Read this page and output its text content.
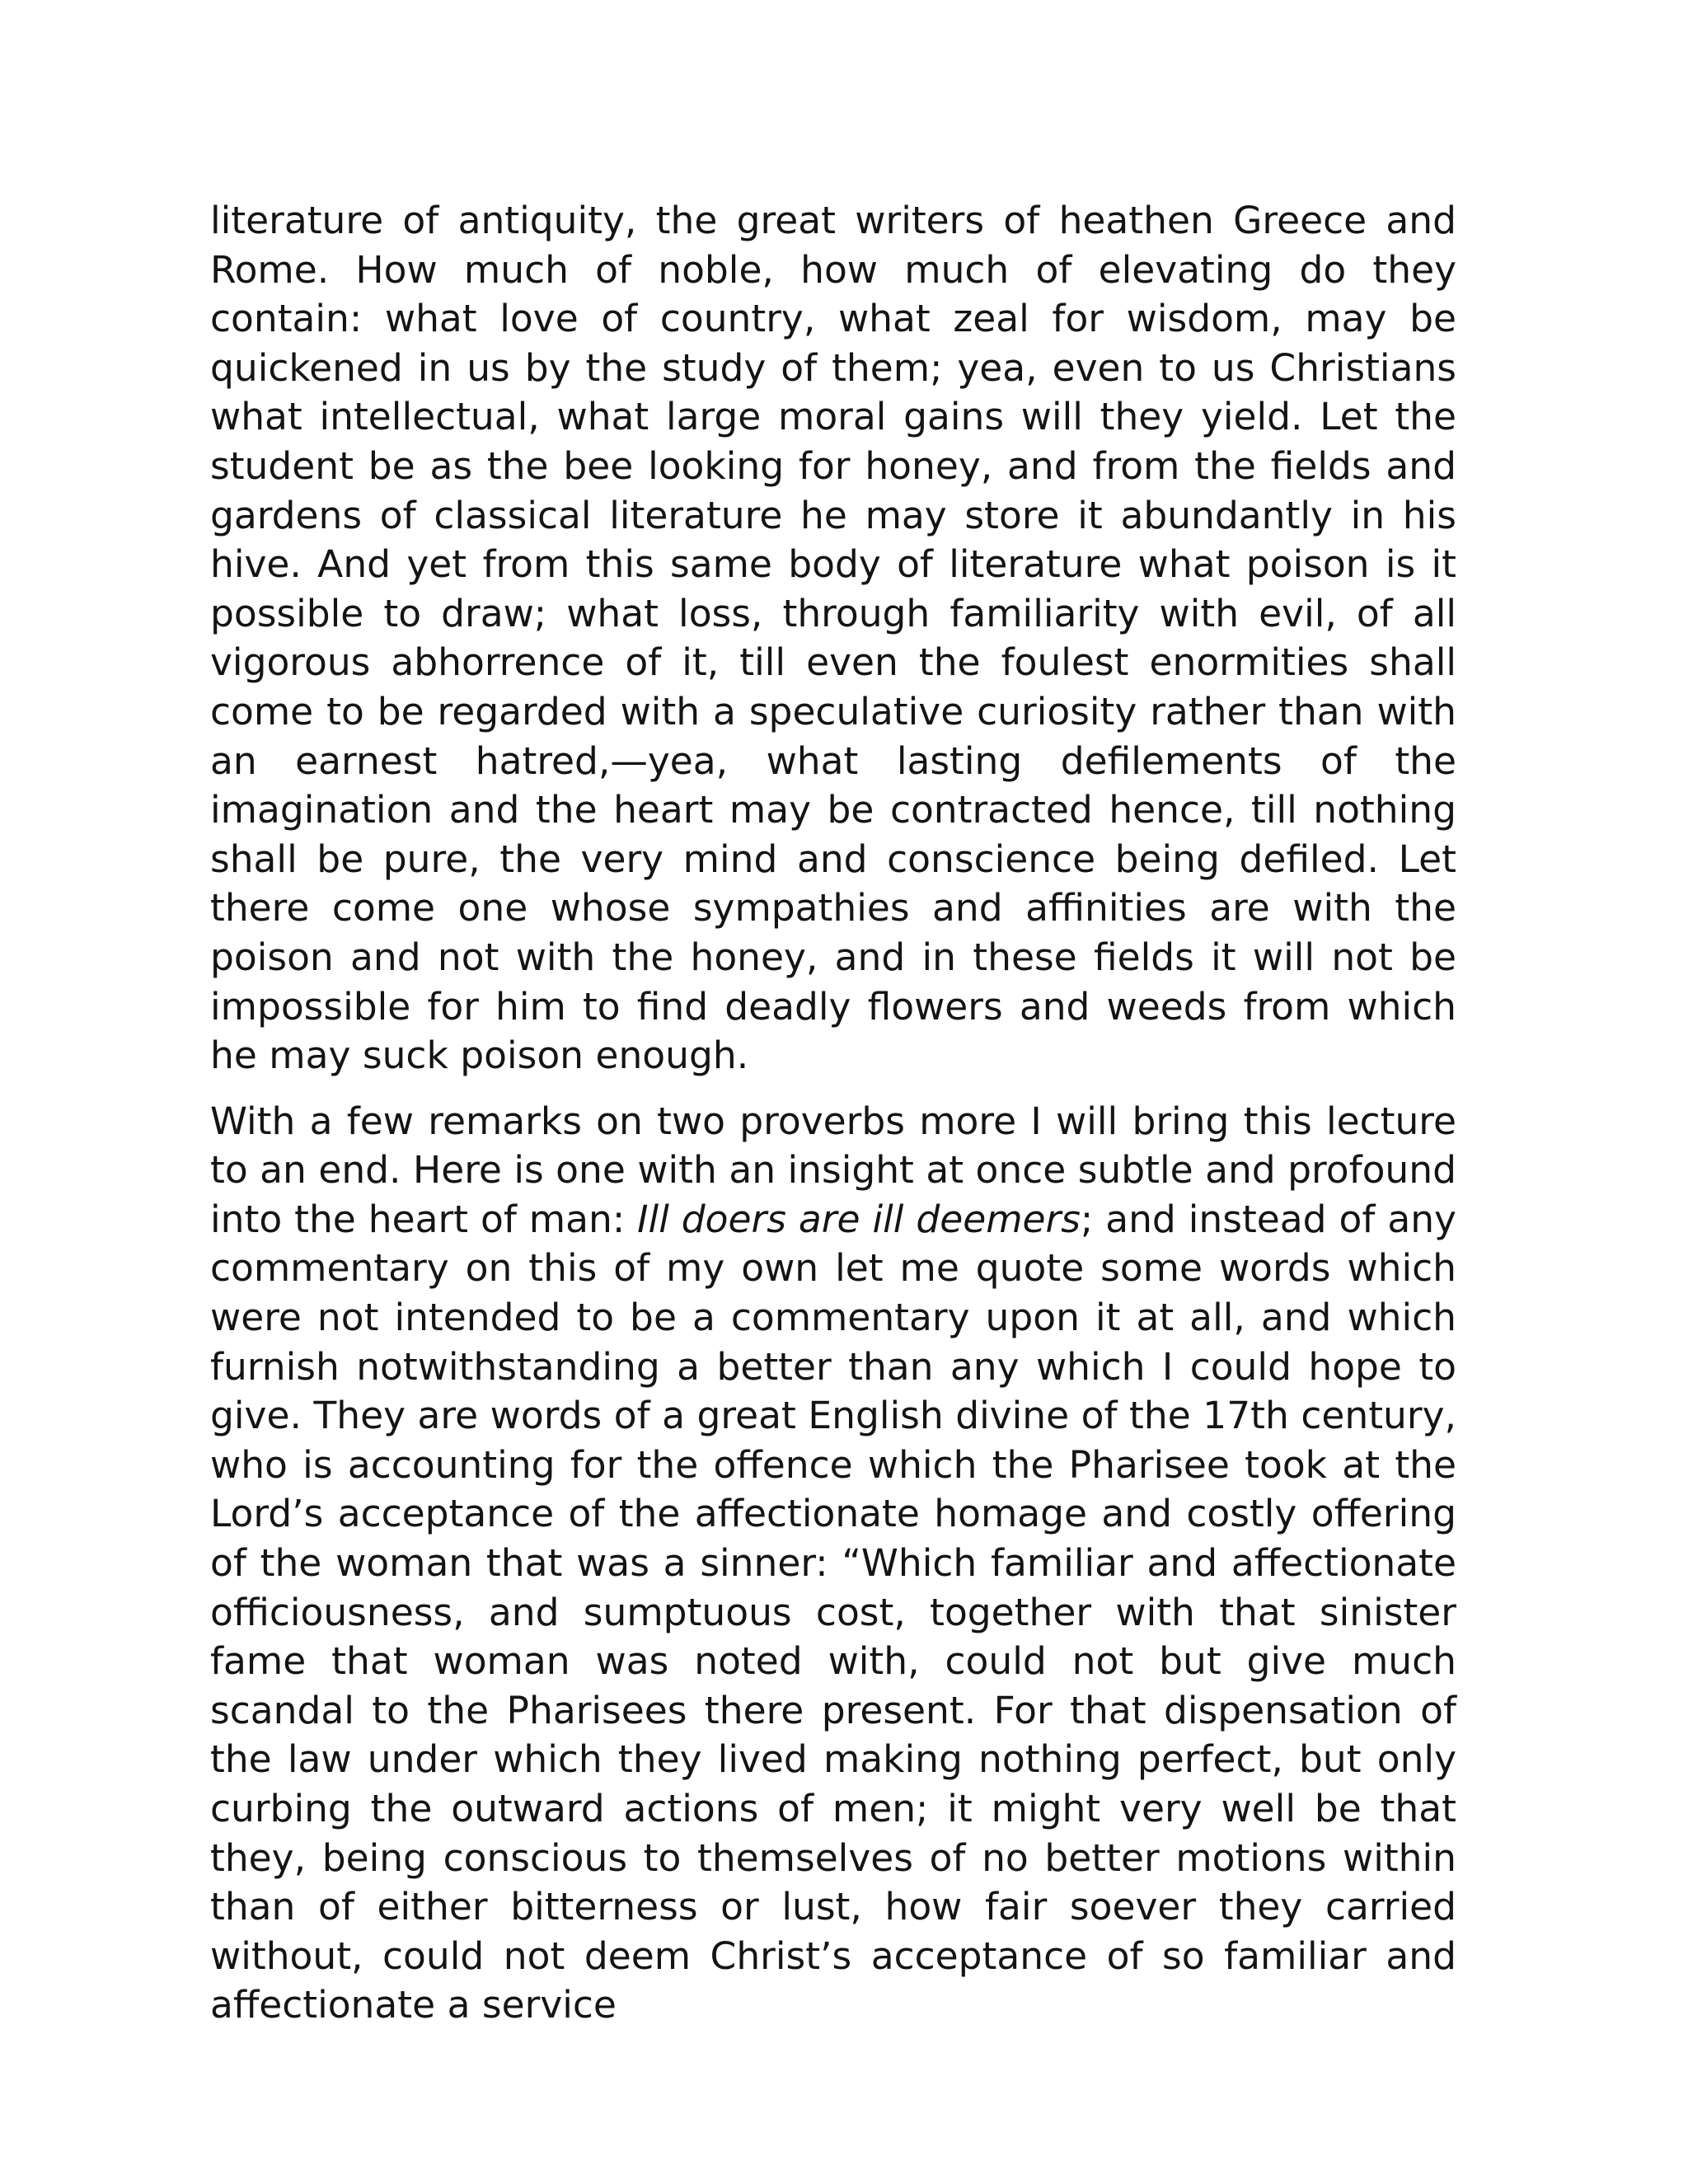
literature of antiquity, the great writers of heathen Greece and Rome. How much of noble, how much of elevating do they contain: what love of country, what zeal for wisdom, may be quickened in us by the study of them; yea, even to us Christians what intellectual, what large moral gains will they yield. Let the student be as the bee looking for honey, and from the fields and gardens of classical literature he may store it abundantly in his hive. And yet from this same body of literature what poison is it possible to draw; what loss, through familiarity with evil, of all vigorous abhorrence of it, till even the foulest enormities shall come to be regarded with a speculative curiosity rather than with an earnest hatred,—yea, what lasting defilements of the imagination and the heart may be contracted hence, till nothing shall be pure, the very mind and conscience being defiled. Let there come one whose sympathies and affinities are with the poison and not with the honey, and in these fields it will not be impossible for him to find deadly flowers and weeds from which he may suck poison enough.

With a few remarks on two proverbs more I will bring this lecture to an end. Here is one with an insight at once subtle and profound into the heart of man: Ill doers are ill deemers; and instead of any commentary on this of my own let me quote some words which were not intended to be a commentary upon it at all, and which furnish notwithstanding a better than any which I could hope to give. They are words of a great English divine of the 17th century, who is accounting for the offence which the Pharisee took at the Lord’s acceptance of the affectionate homage and costly offering of the woman that was a sinner: “Which familiar and affectionate officiousness, and sumptuous cost, together with that sinister fame that woman was noted with, could not but give much scandal to the Pharisees there present. For that dispensation of the law under which they lived making nothing perfect, but only curbing the outward actions of men; it might very well be that they, being conscious to themselves of no better motions within than of either bitterness or lust, how fair soever they carried without, could not deem Christ’s acceptance of so familiar and affectionate a service
